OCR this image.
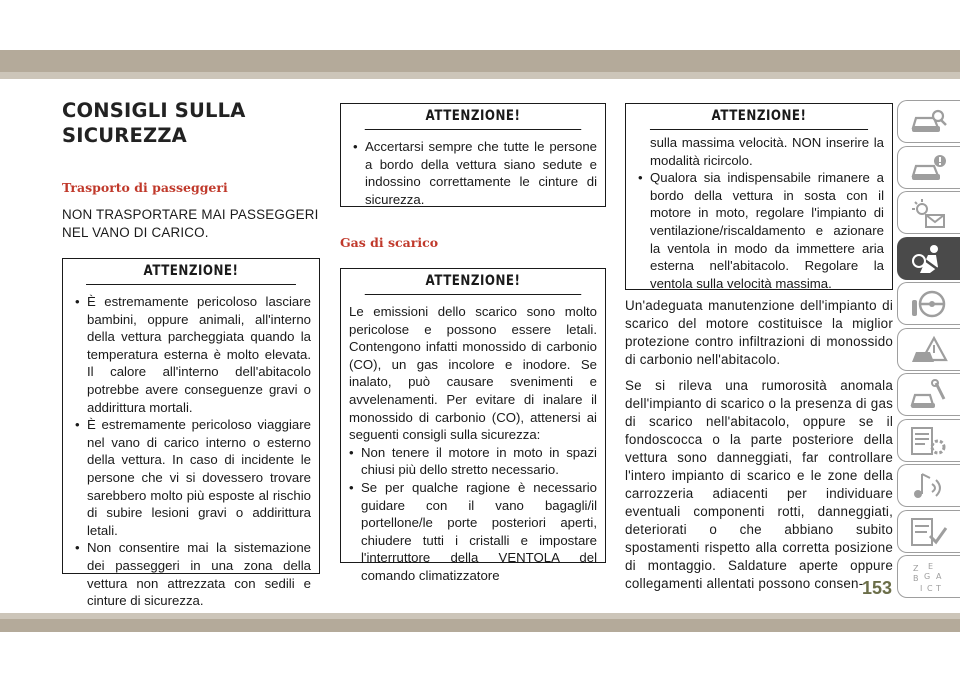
CONSIGLI SULLA
SICUREZZA
Trasporto di passeggeri

NON TRASPORTARE MAI PASSEGGERI NEL VANO DI CARICO.

ATTENZIONE!
• È estremamente pericoloso lasciare bambini, oppure animali, all'interno della vettura parcheggiata quando la temperatura esterna è molto elevata. Il calore all'interno dell'abitacolo potrebbe avere conseguenze gravi o addirittura mortali.
• È estremamente pericoloso viaggiare nel vano di carico interno o esterno della vettura. In caso di incidente le persone che vi si dovessero trovare sarebbero molto più esposte al rischio di subire lesioni gravi o addirittura letali.
• Non consentire mai la sistemazione dei passeggeri in una zona della vettura non attrezzata con sedili e cinture di sicurezza.
ATTENZIONE!
• Accertarsi sempre che tutte le persone a bordo della vettura siano sedute e indossino correttamente le cinture di sicurezza.
Gas di scarico
ATTENZIONE!

Le emissioni dello scarico sono molto pericolose e possono essere letali. Contengono infatti monossido di carbonio (CO), un gas incolore e inodore. Se inalato, può causare svenimenti e avvelenamenti. Per evitare di inalare il monossido di carbonio (CO), attenersi ai seguenti consigli sulla sicurezza:

• Non tenere il motore in moto in spazi chiusi più dello stretto necessario.
• Se per qualche ragione è necessario guidare con il vano bagagli/il portellone/le porte posteriori aperti, chiudere tutti i cristalli e impostare l'interruttore della VENTOLA del comando climatizzatore
ATTENZIONE!
sulla massima velocità. NON inserire la modalità ricircolo.
• Qualora sia indispensabile rimanere a bordo della vettura in sosta con il motore in moto, regolare l'impianto di ventilazione/riscaldamento e azionare la ventola in modo da immettere aria esterna nell'abitacolo. Regolare la ventola sulla velocità massima.

Un'adeguata manutenzione dell'impianto di scarico del motore costituisce la miglior protezione contro infiltrazioni di monossido di carbonio nell'abitacolo.

Se si rileva una rumorosità anomala dell'impianto di scarico o la presenza di gas di scarico nell'abitacolo, oppure se il fondoscocca o la parte posteriore della vettura sono danneggiati, far controllare l'intero impianto di scarico e le zone della carrozzeria adiacenti per individuare eventuali componenti rotti, danneggiati, deteriorati o che abbiano subito spostamenti rispetto alla corretta posizione di montaggio. Saldature aperte oppure collegamenti allentati possono consen-

Z E
B G A
I C T
153
